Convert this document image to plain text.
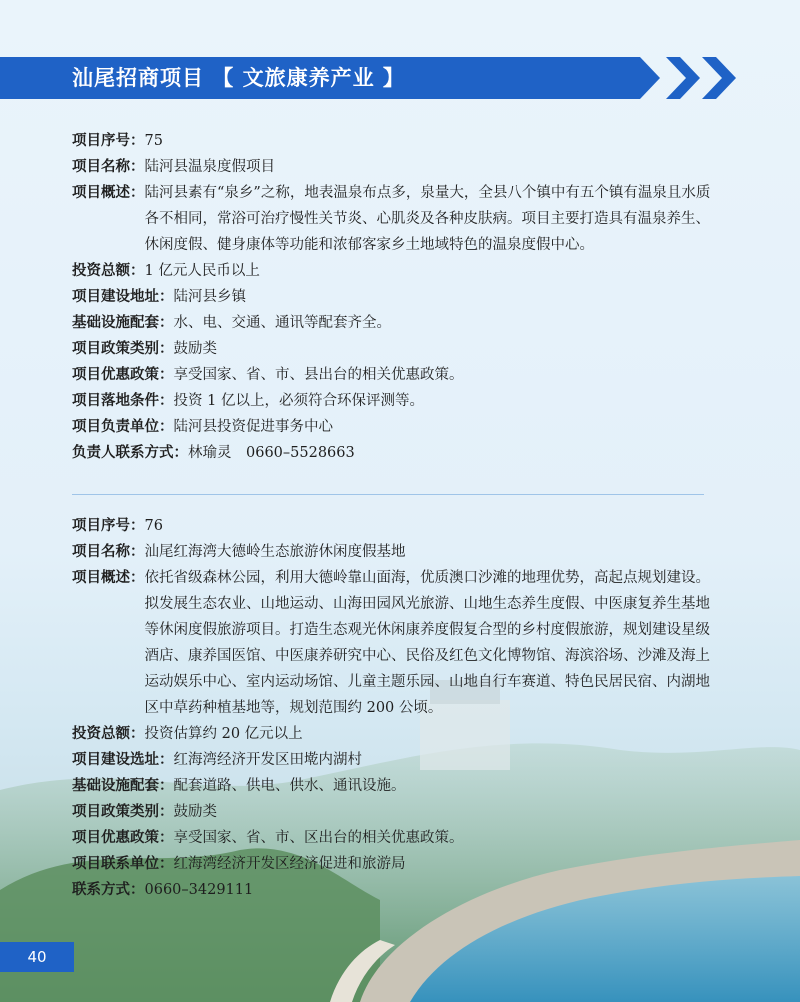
汕尾招商项目 【 文旅康养产业 】
项目序号： 75
项目名称： 陆河县温泉度假项目
项目概述： 陆河县素有“泉乡”之称，地表温泉布点多，泉量大，全县八个镇中有五个镇有温泉且水质各不相同，常浴可治疗慢性关节炎、心肌炎及各种皮肤病。项目主要打造具有温泉养生、休闲度假、健身康体等功能和浓郁客家乡土地域特色的温泉度假中心。
投资总额： 1 亿元人民币以上
项目建设地址： 陆河县乡镇
基础设施配套： 水、电、交通、通讯等配套齐全。
项目政策类别： 鼓励类
项目优惠政策： 享受国家、省、市、县出台的相关优惠政策。
项目落地条件： 投资 1 亿以上，必须符合环保评测等。
项目负责单位： 陆河县投资促进事务中心
负责人联系方式： 林瑜灵　0660–5528663
项目序号： 76
项目名称： 汕尾红海湾大德岭生态旅游休闲度假基地
项目概述： 依托省级森林公园，利用大德岭靠山面海，优质澳口沙滩的地理优势，高起点规划建设。拟发展生态农业、山地运动、山海田园风光旅游、山地生态养生度假、中医康复养生基地等休闲度假旅游项目。打造生态观光休闲康养度假复合型的乡村度假旅游，规划建设星级酒店、康养国医馆、中医康养研究中心、民俗及红色文化博物馆、海滨浴场、沙滩及海上运动娱乐中心、室内运动场馆、儿童主题乐园、山地自行车赛道、特色民居民宿、内湖地区中草药种植基地等，规划范围约 200 公顷。
投资总额： 投资估算约 20 亿元以上
项目建设选址： 红海湾经济开发区田墘内湖村
基础设施配套： 配套道路、供电、供水、通讯设施。
项目政策类别： 鼓励类
项目优惠政策： 享受国家、省、市、区出台的相关优惠政策。
项目联系单位： 红海湾经济开发区经济促进和旅游局
联系方式： 0660–3429111
40
